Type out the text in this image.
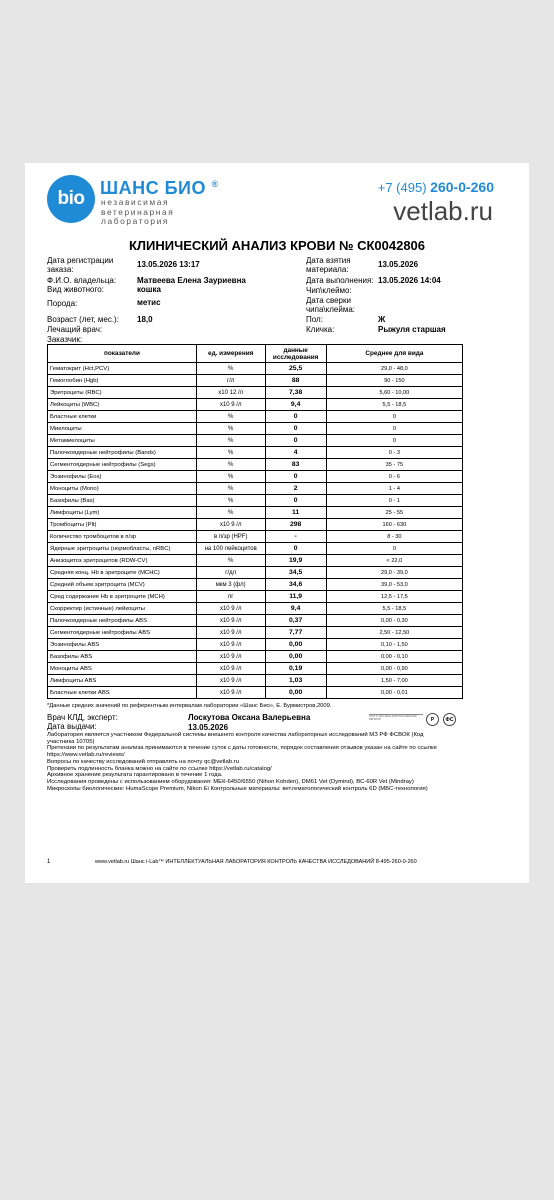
bio ШАНС БИО ®
независимая
ветеринарная
лаборатория
+7 (495) 260-0-260
vetlab.ru
КЛИНИЧЕСКИЙ АНАЛИЗ КРОВИ № СК0042806
Дата регистрации
заказа:
13.05.2026 13:17	Дата взятия
материала:
13.05.2026
Ф.И.О. владельца:	Матвеева Елена Зауриевна	Дата выполнения: 13.05.2026 14:04
Вид животного:	кошка	Чип\клеймо:
Порода:	метис	Дата сверки
чипа\клейма:
Возраст (лет, мес.): 18,0	Пол:	Ж
Лечащий врач:	Кличка:	Рыжуля старшая
Заказчик:
показатели	ед. измерения	данные исследования	Среднее для вида
Гематокрит (Hct,PCV)	%	25,5	29,0 - 48,0
Гемоглобин (Hgb)	г/л	88	90 - 150
Эритроциты (RBC)	x10 12 /л	7,38	5,60 - 10,00
Лейкоциты (WBC)	x10 9 /л	9,4	5,5 - 18,5
Бластные клетки	%	0	0
Миелоциты	%	0	0
Метамиелоциты	%	0	0
Палочкоядерные нейтрофилы (Bands)	%	4	0 - 3
Сегментоядерные нейтрофилы (Segs)	%	83	35 - 75
Эозинофилы (Eos)	%	0	0 - 6
Моноциты (Mono)	%	2	1 - 4
Базофилы (Bas)	%	0	0 - 1
Лимфоциты (Lym)	%	11	25 - 55
Тромбоциты (Plt)	x10 9 /л	298	160 - 630
Количество тромбоцитов в п/зр	в п/зр (HPF)	-	8 - 30
Ядерные эритроциты (нормобласты, nRBC)	на 100 лейкоцитов	0	0
Анизоцитоз эритроцитов (RDW-CV)	%	19,9	< 22,0
Средняя конц. Hb в эритроците (MCHC)	г/дл	34,5	29,0 - 39,0
Средний объем эритроцита (MCV)	мкм 3 (фл)	34,6	39,0 - 53,0
Сред содержание Hb в эритроците (MCH)	пг	11,9	12,5 - 17,5
Скорректир (истинные) лейкоциты	x10 9 /л	9,4	5,5 - 18,5
Палочкоядерные нейтрофилы ABS	x10 9 /л	0,37	0,00 - 0,30
Сегментоядерные нейтрофилы ABS	x10 9 /л	7,77	2,50 - 12,50
Эозинофилы ABS	x10 9 /л	0,00	0,10 - 1,50
Базофилы ABS	x10 9 /л	0,00	0,00 - 0,10
Моноциты ABS	x10 9 /л	0,19	0,00 - 0,90
Лимфоциты ABS	x10 9 /л	1,03	1,50 - 7,00
Бластные клетки ABS	x10 9 /л	0,00	0,00 - 0,01
*Данные средних значений по референтным интервалам лаборатории «Шанс Био», Е. Бурмистров,2009.
Врач КЛД, эксперт:	Лоскутова Оксана Валерьевна
Дата выдачи:	13.05.2026
ГОСТ Р ИСО 9001-2015 РОССИЙСКИЙ РЕГИСТР	Р	ФС
Лаборатория является участником Федеральной системы внешнего контроля качества лабораторных исследований МЗ РФ ФСВОК (Код
участника 10705)
Претензии по результатам анализа принимаются в течение суток с даты готовности, порядок составления отзывов указан на сайте по ссылке
https://www.vetlab.ru/reviews/
Вопросы по качеству исследований отправлять на почту qc@vetlab.ru
Проверить подлинность бланка можно на сайте по ссылке https://vetlab.ru/catalog/
Архивное хранение результата гарантировано в течение 1 года.
Исследования проведены с использованием оборудования: МЕК-6450/6550 (Nihon Kohden), DM61 Vet (Dymind), BC-60R Vet (Mindray)
Микроскопы биологические: HumaScope Premium, Nikon Ei Контрольные материалы: вет.гематологический контроль 6D (МБС-технология)
1	www.vetlab.ru Шанс i-Lab™ ИНТЕЛЛЕКТУАЛЬНАЯ ЛАБОРАТОРИЯ КОНТРОЛЬ КАЧЕСТВА ИССЛЕДОВАНИЙ 8-495-260-0-260
